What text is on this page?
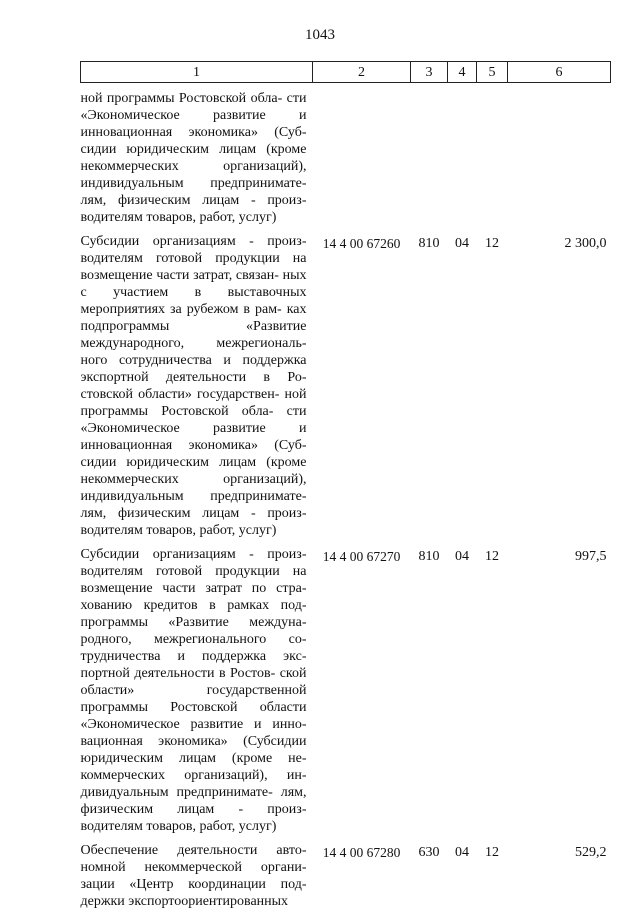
1043
1	2	3	4	5	6

ной программы Ростовской обла- сти «Экономическое развитие и инновационная экономика» (Суб- сидии юридическим лицам (кроме некоммерческих организаций), индивидуальным предпринимате- лям, физическим лицам - произ- водителям товаров, работ, услуг)					

Субсидии организациям - произ- водителям готовой продукции на возмещение части затрат, связан- ных с участием в выставочных мероприятиях за рубежом в рам- ках подпрограммы «Развитие международного, межрегиональ- ного сотрудничества и поддержка экспортной деятельности в Ро- стовской области» государствен- ной программы Ростовской обла- сти «Экономическое развитие и инновационная экономика» (Суб- сидии юридическим лицам (кроме некоммерческих организаций), индивидуальным предпринимате- лям, физическим лицам - произ- водителям товаров, работ, услуг)	14 4 00 67260	810	04	12	2 300,0

Субсидии организациям - произ- водителям готовой продукции на возмещение части затрат по стра- хованию кредитов в рамках под- программы «Развитие междуна- родного, межрегионального со- трудничества и поддержка экс- портной деятельности в Ростов- ской области» государственной программы Ростовской области «Экономическое развитие и инно- вационная экономика» (Субсидии юридическим лицам (кроме не- коммерческих организаций), ин- дивидуальным предпринимате- лям, физическим лицам - произ- водителям товаров, работ, услуг)	14 4 00 67270	810	04	12	997,5

Обеспечение деятельности авто- номной некоммерческой органи- зации «Центр координации под- держки экспортоориентированных	14 4 00 67280	630	04	12	529,2
